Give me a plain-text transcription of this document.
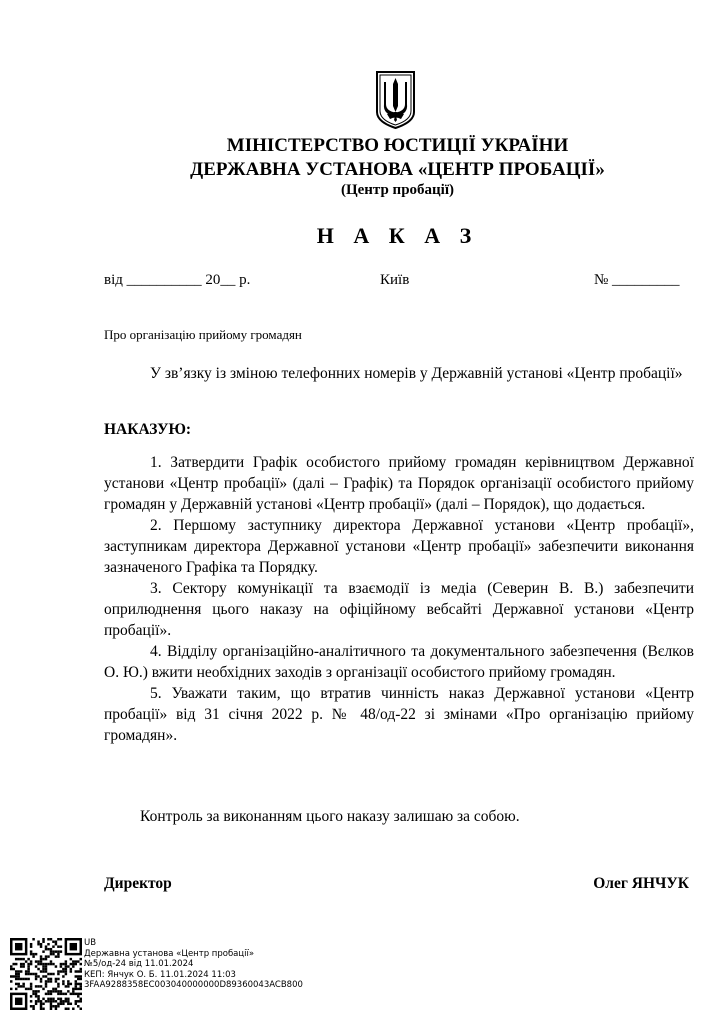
МІНІСТЕРСТВО ЮСТИЦІЇ УКРАЇНИ
ДЕРЖАВНА УСТАНОВА «ЦЕНТР ПРОБАЦІЇ»
(Центр пробації)
Н А К А З
від __________ 20__ р.	Київ	№ _________
Про організацію прийому громадян
У зв’язку із зміною телефонних номерів у Державній установі «Центр пробації»
НАКАЗУЮ:

1. Затвердити Графік особистого прийому громадян керівництвом Державної установи «Центр пробації» (далі – Графік) та Порядок організації особистого прийому громадян у Державній установі «Центр пробації» (далі – Порядок), що додається.

2. Першому заступнику директора Державної установи «Центр пробації», заступникам директора Державної установи «Центр пробації» забезпечити виконання зазначеного Графіка та Порядку.

3. Сектору комунікації та взаємодії із медіа (Северин В. В.) забезпечити оприлюднення цього наказу на офіційному вебсайті Державної установи «Центр пробації».

4. Відділу організаційно-аналітичного та документального забезпечення (Вєлков О. Ю.) вжити необхідних заходів з організації особистого прийому громадян.

5. Уважати таким, що втратив чинність наказ Державної установи «Центр пробації» від 31 січня 2022 р. № 48/од-22 зі змінами «Про організацію прийому громадян».

Контроль за виконанням цього наказу залишаю за собою.
Директор	Олег ЯНЧУК
UB
Державна установа «Центр пробації»
№5/од-24 від 11.01.2024
КЕП: Янчук О. Б. 11.01.2024 11:03
3FAA9288358EC003040000000D89360043ACB800
